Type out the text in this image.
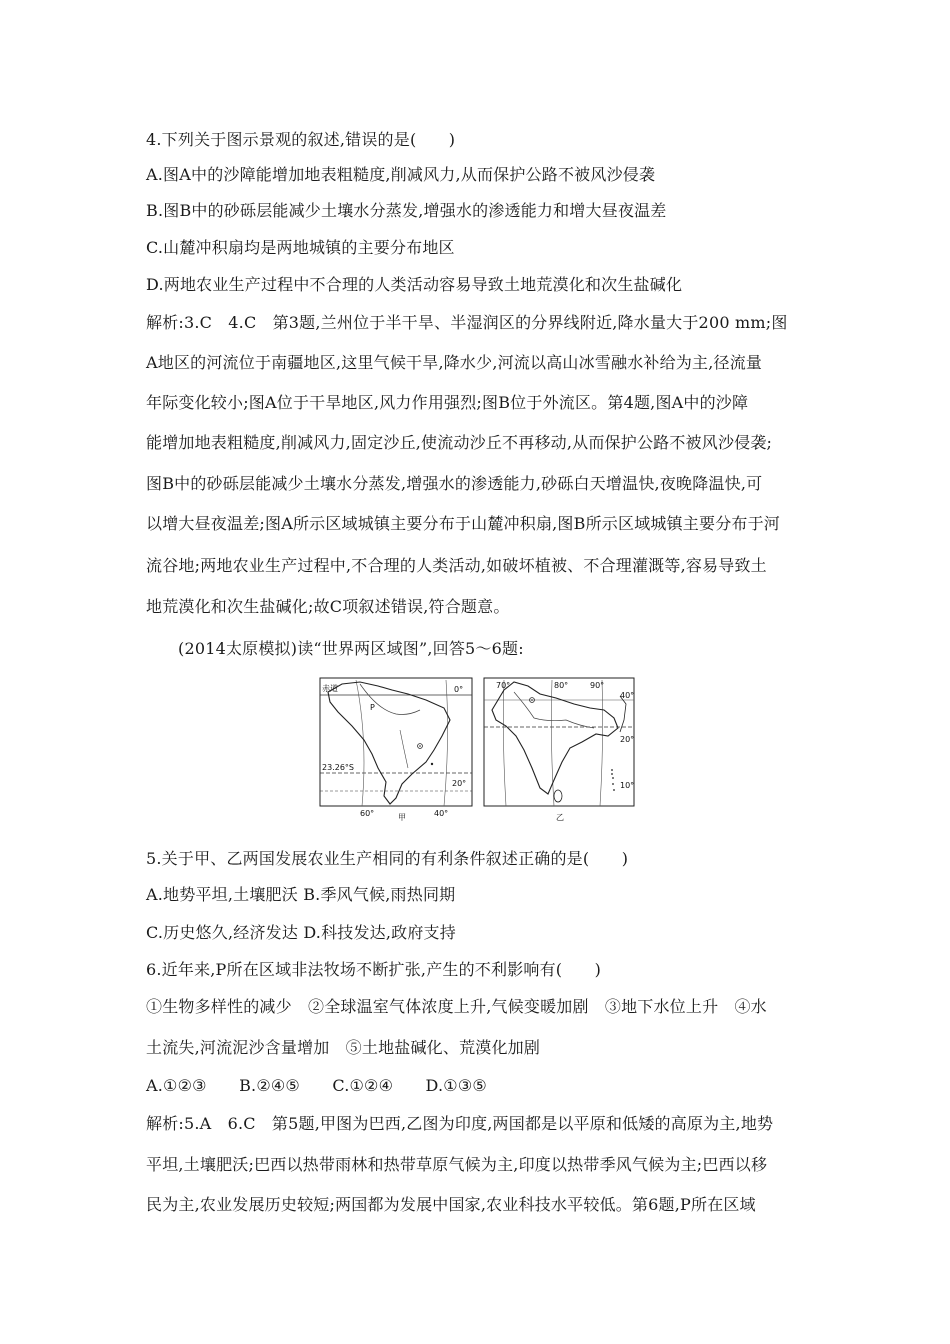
4.下列关于图示景观的叙述,错误的是(　　)
A.图A中的沙障能增加地表粗糙度,削减风力,从而保护公路不被风沙侵袭
B.图B中的砂砾层能减少土壤水分蒸发,增强水的渗透能力和增大昼夜温差
C.山麓冲积扇均是两地城镇的主要分布地区
D.两地农业生产过程中不合理的人类活动容易导致土地荒漠化和次生盐碱化
解析:3.C　4.C　第3题,兰州位于半干旱、半湿润区的分界线附近,降水量大于200 mm;图
A地区的河流位于南疆地区,这里气候干旱,降水少,河流以高山冰雪融水补给为主,径流量
年际变化较小;图A位于干旱地区,风力作用强烈;图B位于外流区。第4题,图A中的沙障
能增加地表粗糙度,削减风力,固定沙丘,使流动沙丘不再移动,从而保护公路不被风沙侵袭;
图B中的砂砾层能减少土壤水分蒸发,增强水的渗透能力,砂砾白天增温快,夜晚降温快,可
以增大昼夜温差;图A所示区域城镇主要分布于山麓冲积扇,图B所示区域城镇主要分布于河
流谷地;两地农业生产过程中,不合理的人类活动,如破坏植被、不合理灌溉等,容易导致土
地荒漠化和次生盐碱化;故C项叙述错误,符合题意。
(2014太原模拟)读“世界两区域图”,回答5～6题:
赤道
P
0°
23.26°S
20°
60°	40°
甲
70°	80°	90°
40°
20°
10°
乙
5.关于甲、乙两国发展农业生产相同的有利条件叙述正确的是(　　)
A.地势平坦,土壤肥沃 B.季风气候,雨热同期
C.历史悠久,经济发达 D.科技发达,政府支持
6.近年来,P所在区域非法牧场不断扩张,产生的不利影响有(　　)
①生物多样性的减少　②全球温室气体浓度上升,气候变暖加剧　③地下水位上升　④水
土流失,河流泥沙含量增加　⑤土地盐碱化、荒漠化加剧
A.①②③　　B.②④⑤　　C.①②④　　D.①③⑤
解析:5.A　6.C　第5题,甲图为巴西,乙图为印度,两国都是以平原和低矮的高原为主,地势
平坦,土壤肥沃;巴西以热带雨林和热带草原气候为主,印度以热带季风气候为主;巴西以移
民为主,农业发展历史较短;两国都为发展中国家,农业科技水平较低。第6题,P所在区域
